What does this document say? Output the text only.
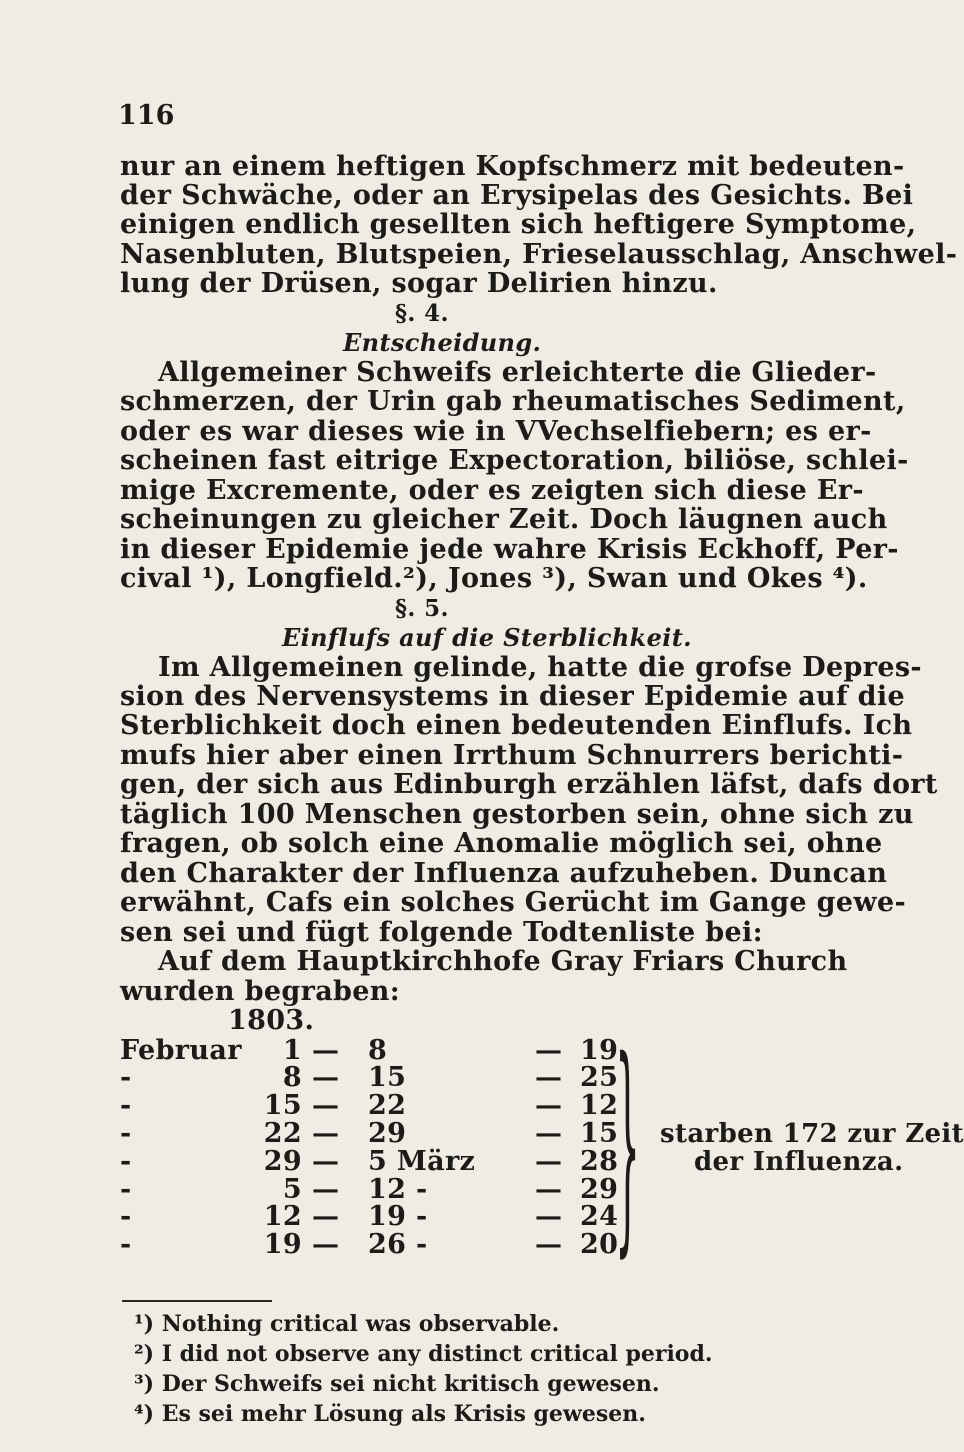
116
nur an einem heftigen Kopfschmerz mit bedeuten-
der Schwäche, oder an Erysipelas des Gesichts. Bei
einigen endlich gesellten sich heftigere Symptome,
Nasenbluten, Blutspeien, Frieselausschlag, Anschwel-
lung der Drüsen, sogar Delirien hinzu.
§. 4.
Entscheidung.
Allgemeiner Schweifs erleichterte die Glieder-
schmerzen, der Urin gab rheumatisches Sediment,
oder es war dieses wie in VVechselfiebern; es er-
scheinen fast eitrige Expectoration, biliöse, schlei-
mige Excremente, oder es zeigten sich diese Er-
scheinungen zu gleicher Zeit. Doch läugnen auch
in dieser Epidemie jede wahre Krisis Eckhoff, Per-
cival ¹), Longfield.²), Jones ³), Swan und Okes ⁴).
§. 5.
Einflufs auf die Sterblichkeit.
Im Allgemeinen gelinde, hatte die grofse Depres-
sion des Nervensystems in dieser Epidemie auf die
Sterblichkeit doch einen bedeutenden Einflufs. Ich
mufs hier aber einen Irrthum Schnurrers berichti-
gen, der sich aus Edinburgh erzählen läfst, dafs dort
täglich 100 Menschen gestorben sein, ohne sich zu
fragen, ob solch eine Anomalie möglich sei, ohne
den Charakter der Influenza aufzuheben. Duncan
erwähnt, Cafs ein solches Gerücht im Gange gewe-
sen sei und fügt folgende Todtenliste bei:
Auf dem Hauptkirchhofe Gray Friars Church
wurden begraben:
1803.
Februar	1 — 8	— 19
-	8 — 15	— 25
-	15 — 22	— 12
-	22 — 29	— 15
-	29 — 5 März — 28
-	5 — 12 -	— 29
-	12 — 19 -	— 24
-	19 — 26 -	— 20
{ starben 172 zur Zeit
der Influenza.
¹) Nothing critical was observable.
²) I did not observe any distinct critical period.
³) Der Schweifs sei nicht kritisch gewesen.
⁴) Es sei mehr Lösung als Krisis gewesen.
